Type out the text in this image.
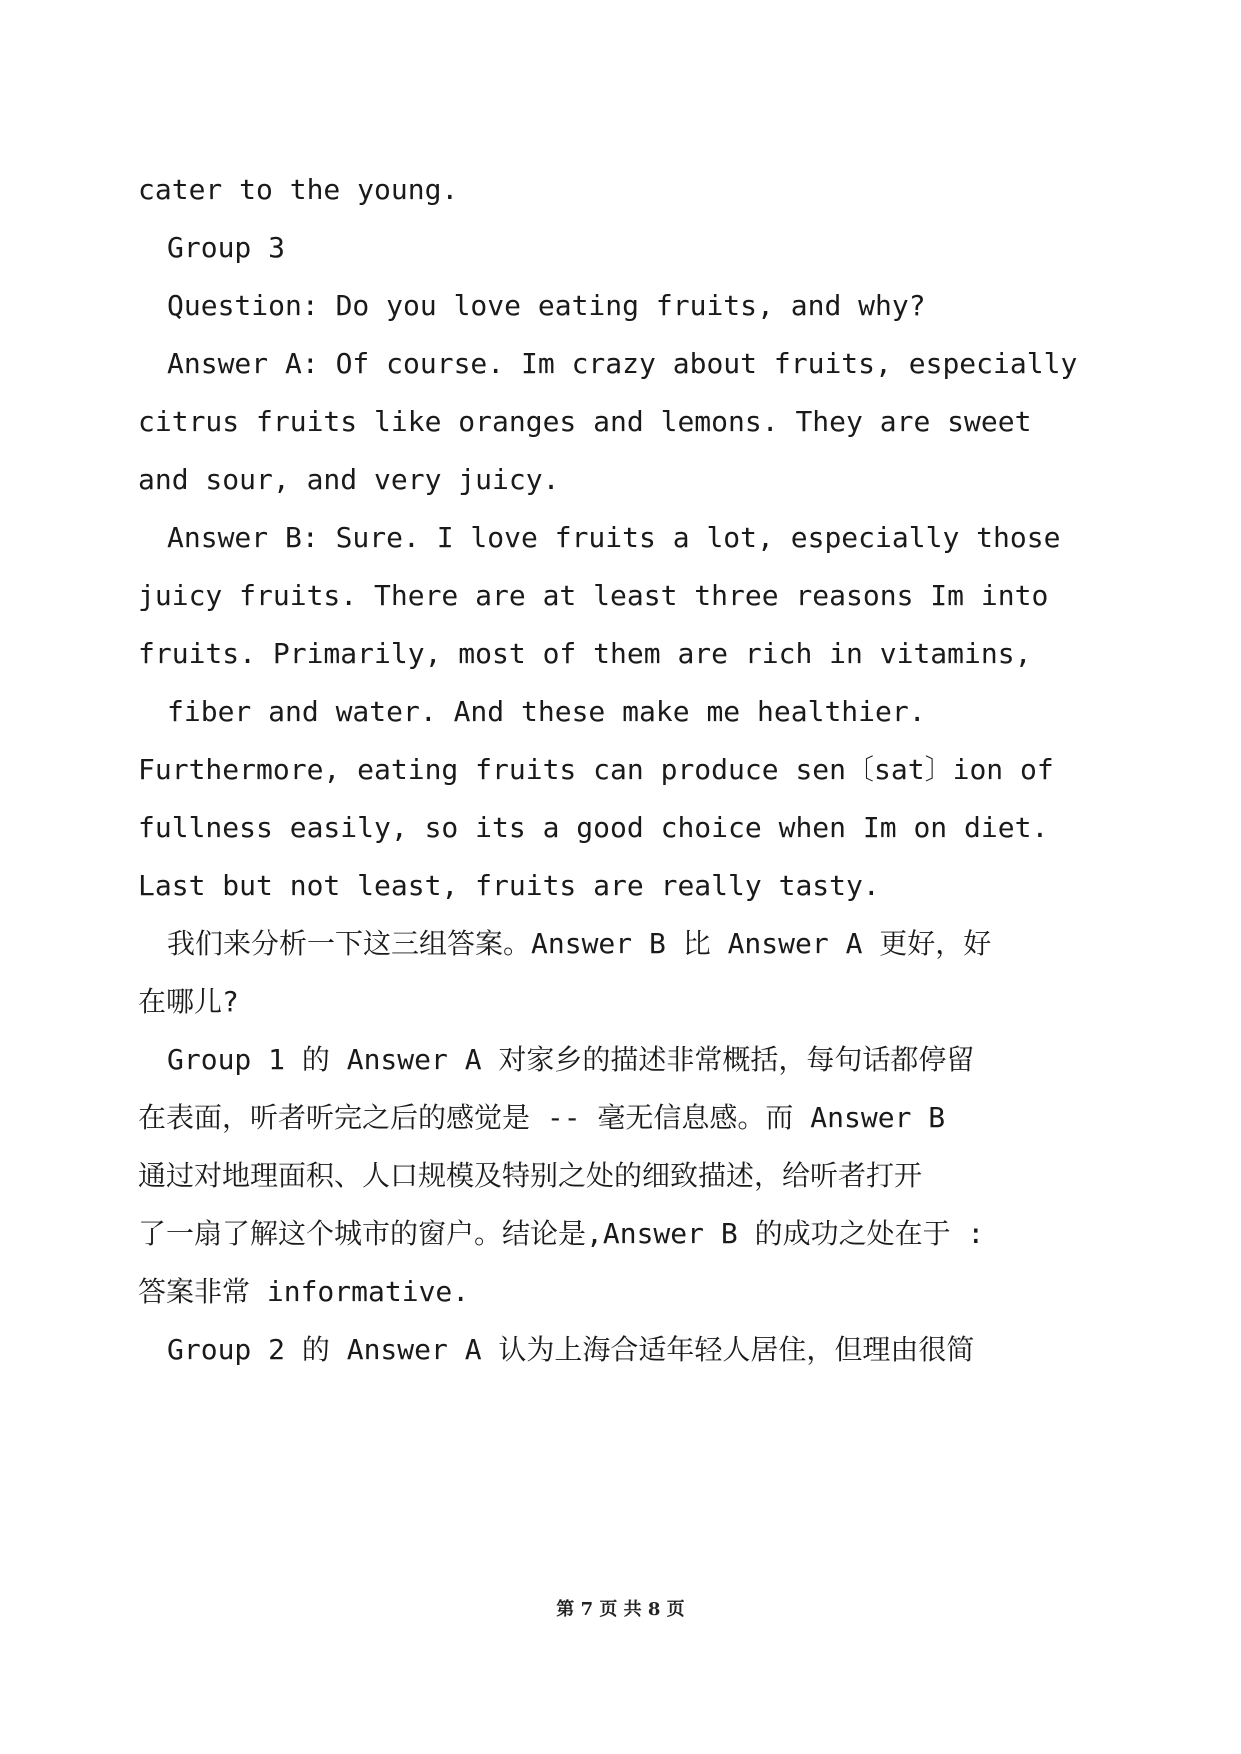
cater to the young.
Group 3
Question: Do you love eating fruits, and why?
Answer A: Of course. Im crazy about fruits, especially
citrus fruits like oranges and lemons. They are sweet
and sour, and very juicy.
Answer B: Sure. I love fruits a lot, especially those
juicy fruits. There are at least three reasons Im into
fruits. Primarily, most of them are rich in vitamins,
fiber and water. And these make me healthier.
Furthermore, eating fruits can produce sen〔sat〕ion of
fullness easily, so its a good choice when Im on diet.
Last but not least, fruits are really tasty.
我们来分析一下这三组答案。Answer B 比 Answer A 更好，好
在哪儿?
Group 1 的 Answer A 对家乡的描述非常概括，每句话都停留
在表面，听者听完之后的感觉是 -- 毫无信息感。而 Answer B
通过对地理面积、人口规模及特别之处的细致描述，给听者打开
了一扇了解这个城市的窗户。结论是,Answer B 的成功之处在于 :
答案非常 informative.
Group 2 的 Answer A 认为上海合适年轻人居住，但理由很简
第 7 页 共 8 页
